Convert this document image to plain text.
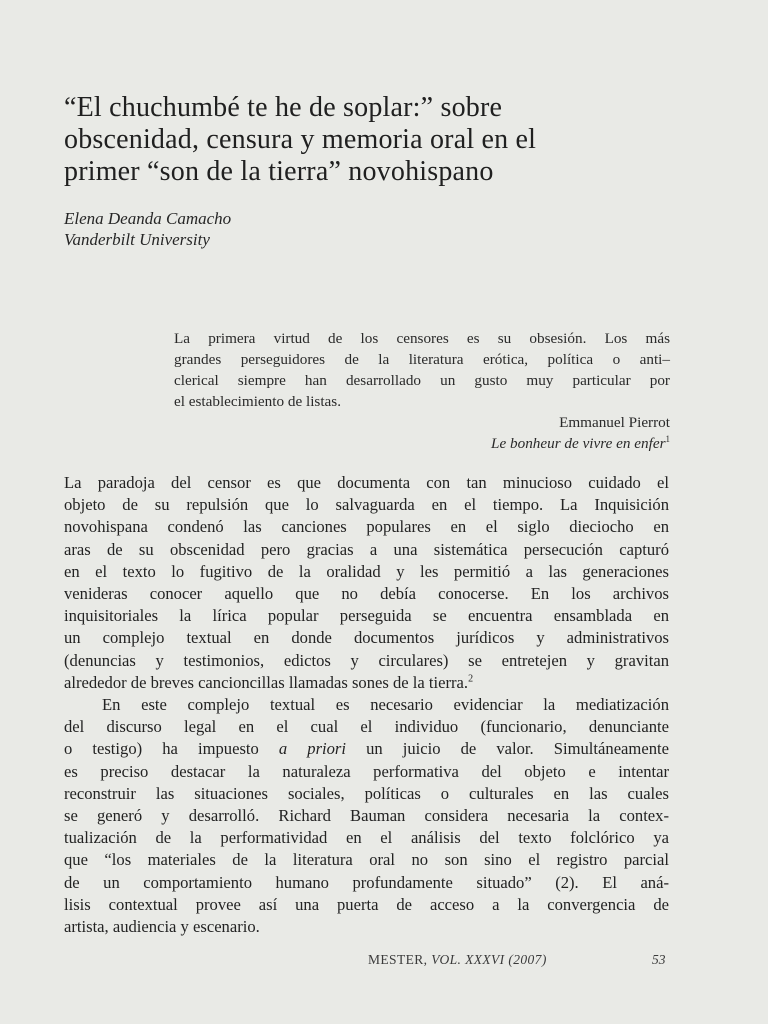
“El chuchumbé te he de soplar:” sobre
obscenidad, censura y memoria oral en el
primer “son de la tierra” novohispano
Elena Deanda Camacho
Vanderbilt University
La primera virtud de los censores es su obsesión. Los más
grandes perseguidores de la literatura erótica, política o anti–
clerical siempre han desarrollado un gusto muy particular por
el establecimiento de listas.
Emmanuel Pierrot
Le bonheur de vivre en enfer$^1$
La paradoja del censor es que documenta con tan minucioso cuidado el
objeto de su repulsión que lo salvaguarda en el tiempo. La Inquisición
novohispana condenó las canciones populares en el siglo dieciocho en
aras de su obscenidad pero gracias a una sistemática persecución capturó
en el texto lo fugitivo de la oralidad y les permitió a las generaciones
venideras conocer aquello que no debía conocerse. En los archivos
inquisitoriales la lírica popular perseguida se encuentra ensamblada en
un complejo textual en donde documentos jurídicos y administrativos
(denuncias y testimonios, edictos y circulares) se entretejen y gravitan
alrededor de breves cancioncillas llamadas sones de la tierra.$^2$
En este complejo textual es necesario evidenciar la mediatización
del discurso legal en el cual el individuo (funcionario, denunciante
o testigo) ha impuesto a priori un juicio de valor. Simultáneamente
es preciso destacar la naturaleza performativa del objeto e intentar
reconstruir las situaciones sociales, políticas o culturales en las cuales
se generó y desarrolló. Richard Bauman considera necesaria la contex-
tualización de la performatividad en el análisis del texto folclórico ya
que “los materiales de la literatura oral no son sino el registro parcial
de un comportamiento humano profundamente situado” (2). El aná-
lisis contextual provee así una puerta de acceso a la convergencia de
artista, audiencia y escenario.
MESTER, VOL. XXXVI (2007)	53
